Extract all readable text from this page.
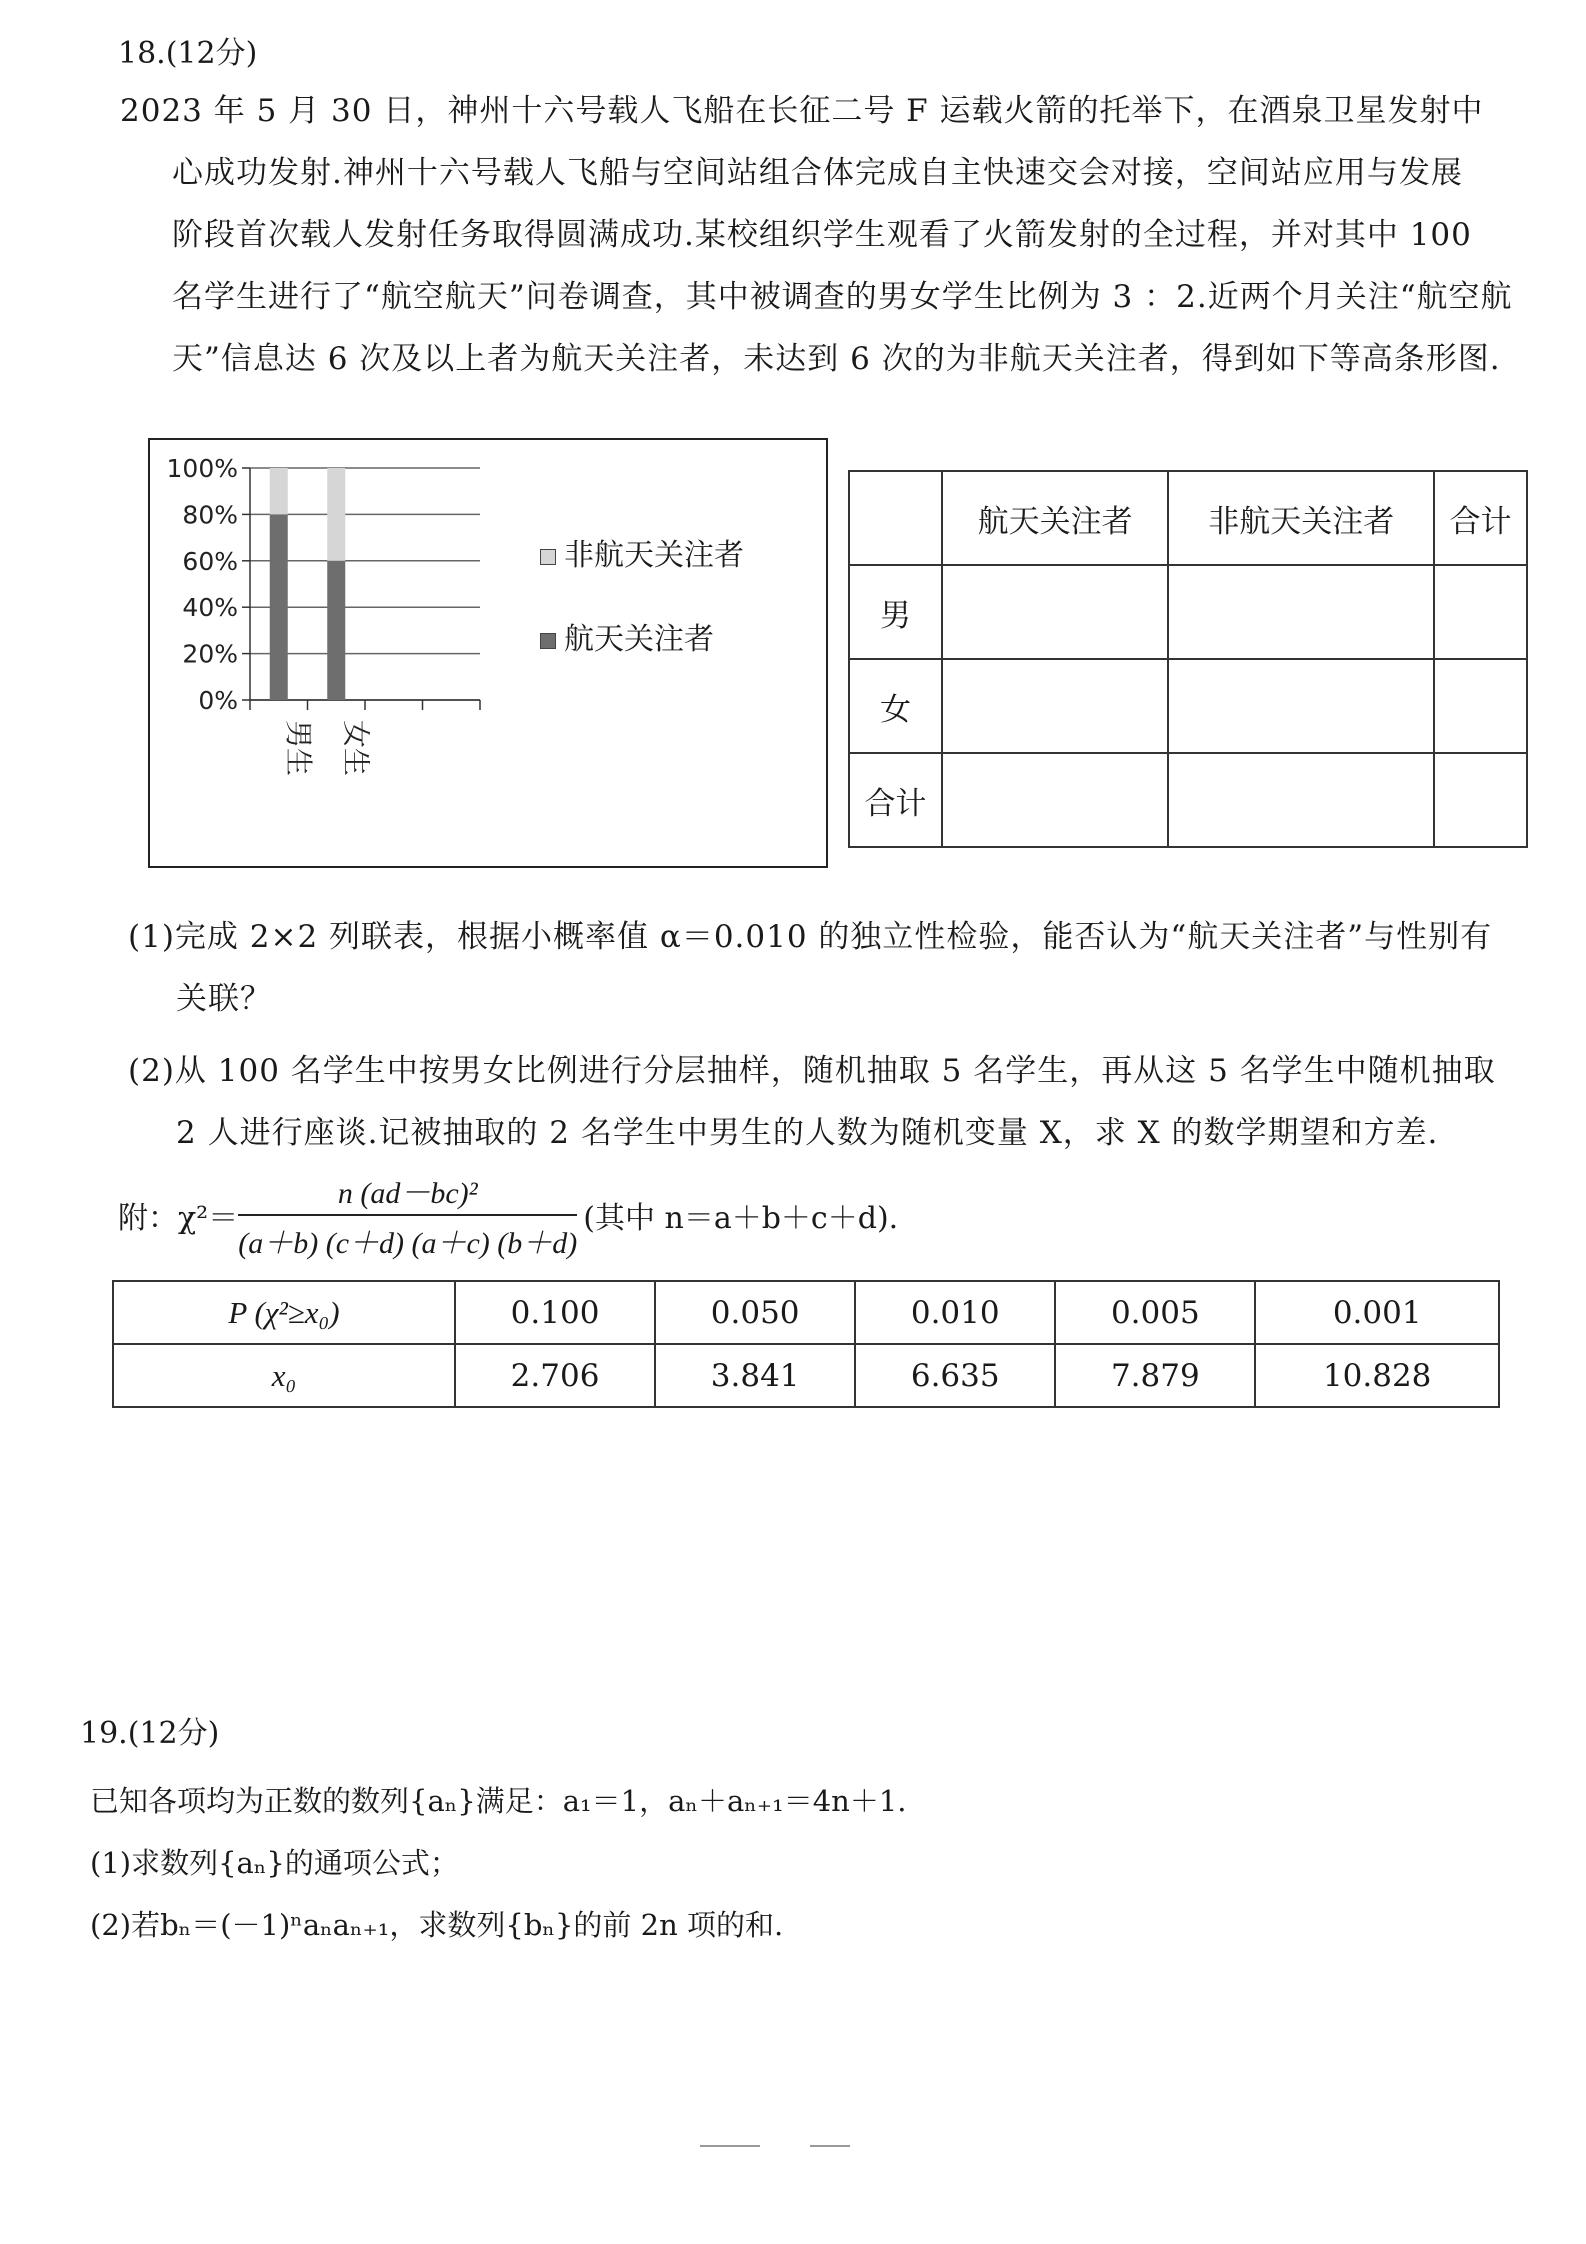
18.(12分)
2023 年 5 月 30 日，神州十六号载人飞船在长征二号 F 运载火箭的托举下，在酒泉卫星发射中
心成功发射.神州十六号载人飞船与空间站组合体完成自主快速交会对接，空间站应用与发展
阶段首次载人发射任务取得圆满成功.某校组织学生观看了火箭发射的全过程，并对其中 100
名学生进行了“航空航天”问卷调查，其中被调查的男女学生比例为 3 ：2.近两个月关注“航空航
天”信息达 6 次及以上者为航天关注者，未达到 6 次的为非航天关注者，得到如下等高条形图.
0%
20%
40%
60%
80%
100%
男生 女生
非航天关注者
航天关注者
	航天关注者	非航天关注者	合计
男			
女			
合计			
(1)完成 2×2 列联表，根据小概率值 α＝0.010 的独立性检验，能否认为“航天关注者”与性别有
关联？
(2)从 100 名学生中按男女比例进行分层抽样，随机抽取 5 名学生，再从这 5 名学生中随机抽取
2 人进行座谈.记被抽取的 2 名学生中男生的人数为随机变量 X，求 X 的数学期望和方差.
附：$\chi^2= \frac{\text{n (ad－bc)²}}{(a+b) (c+d) (a+c) (b+d)}$ (其中 n＝a＋b＋c＋d).
P (χ²≥x₀)	0.100	0.050	0.010	0.005	0.001
x₀	2.706	3.841	6.635	7.879	10.828
19.(12分)
已知各项均为正数的数列{aₙ}满足：a₁＝1，aₙ＋aₙ₊₁＝4n＋1.
(1)求数列{aₙ}的通项公式；
(2)若bₙ＝(－1)ⁿaₙaₙ₊₁，求数列{bₙ}的前 2n 项的和.
